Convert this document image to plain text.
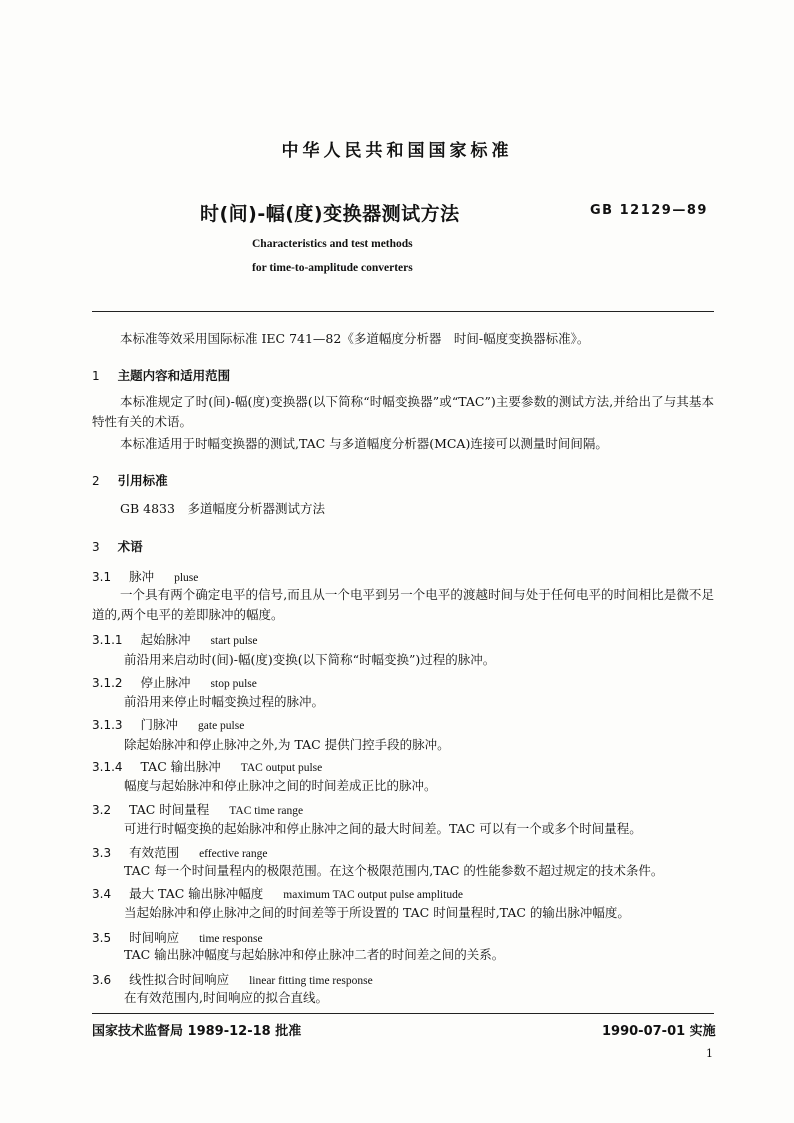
中华人民共和国国家标准
时(间)-幅(度)变换器测试方法	GB 12129—89
Characteristics and test methods
for time-to-amplitude converters
本标准等效采用国际标准 IEC 741—82《多道幅度分析器　时间-幅度变换器标准》。
1 主题内容和适用范围
本标准规定了时(间)-幅(度)变换器(以下简称“时幅变换器”或“TAC”)主要参数的测试方法,并给出了与其基本特性有关的术语。
本标准适用于时幅变换器的测试,TAC 与多道幅度分析器(MCA)连接可以测量时间间隔。
2 引用标准
GB 4833　多道幅度分析器测试方法
3 术语
3.1 脉冲 pluse
一个具有两个确定电平的信号,而且从一个电平到另一个电平的渡越时间与处于任何电平的时间相比是微不足道的,两个电平的差即脉冲的幅度。
3.1.1 起始脉冲 start pulse
前沿用来启动时(间)-幅(度)变换(以下简称“时幅变换”)过程的脉冲。
3.1.2 停止脉冲 stop pulse
前沿用来停止时幅变换过程的脉冲。
3.1.3 门脉冲 gate pulse
除起始脉冲和停止脉冲之外,为 TAC 提供门控手段的脉冲。
3.1.4 TAC 输出脉冲 TAC output pulse
幅度与起始脉冲和停止脉冲之间的时间差成正比的脉冲。
3.2 TAC 时间量程 TAC time range
可进行时幅变换的起始脉冲和停止脉冲之间的最大时间差。TAC 可以有一个或多个时间量程。
3.3 有效范围 effective range
TAC 每一个时间量程内的极限范围。在这个极限范围内,TAC 的性能参数不超过规定的技术条件。
3.4 最大 TAC 输出脉冲幅度 maximum TAC output pulse amplitude
当起始脉冲和停止脉冲之间的时间差等于所设置的 TAC 时间量程时,TAC 的输出脉冲幅度。
3.5 时间响应 time response
TAC 输出脉冲幅度与起始脉冲和停止脉冲二者的时间差之间的关系。
3.6 线性拟合时间响应 linear fitting time response
在有效范围内,时间响应的拟合直线。
国家技术监督局 1989-12-18 批准	1990-07-01 实施
1
